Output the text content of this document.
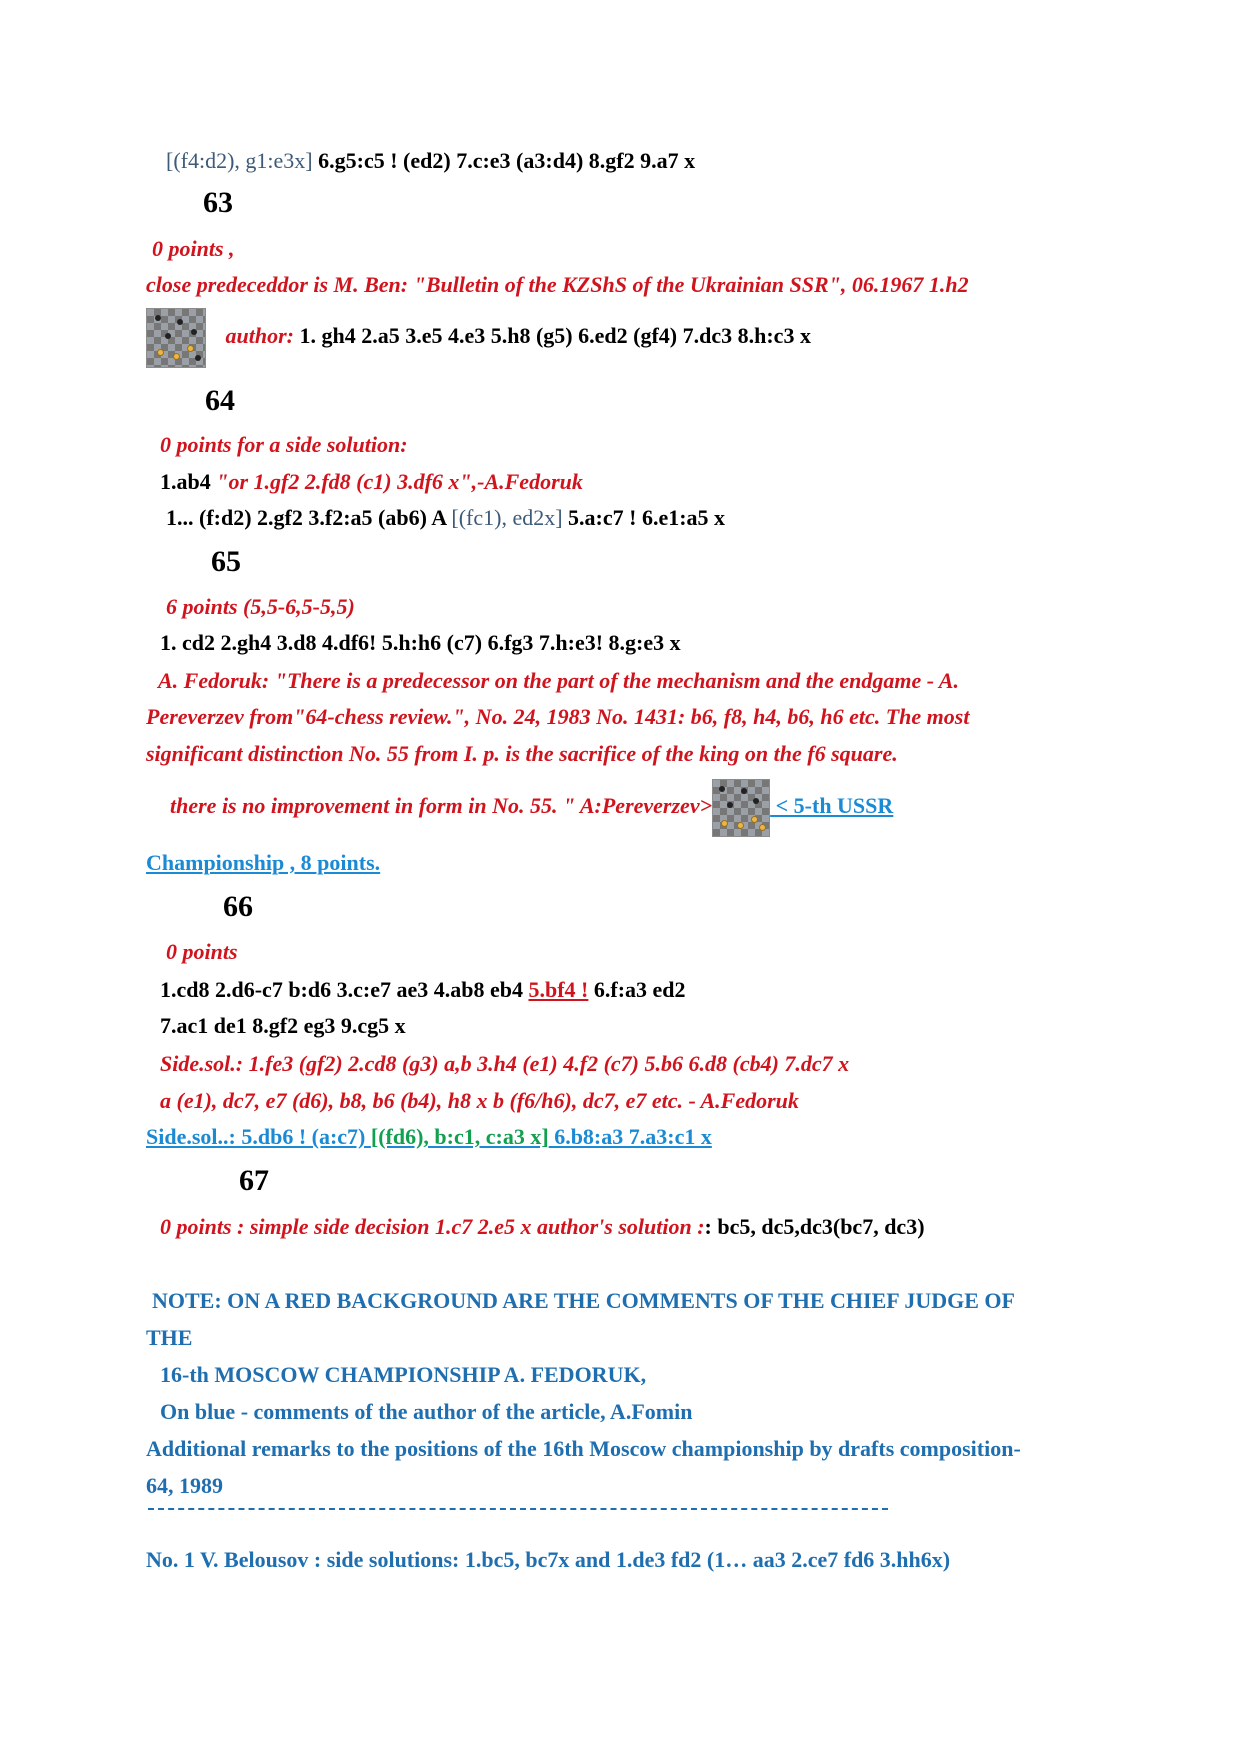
[(f4:d2), g1:e3x] 6.g5:c5 ! (ed2) 7.c:e3 (a3:d4) 8.gf2 9.a7 x
63
0 points ,
close predeceddor is M. Ben: "Bulletin of the KZShS of the Ukrainian SSR", 06.1967 1.h2
author: 1. gh4 2.a5 3.e5 4.e3 5.h8 (g5) 6.ed2 (gf4) 7.dc3 8.h:c3 x
64
0 points for a side solution:
1.ab4 "or 1.gf2 2.fd8 (c1) 3.df6 x",-A.Fedoruk
1... (f:d2) 2.gf2 3.f2:a5 (ab6) A [(fc1), ed2x] 5.a:c7 ! 6.e1:a5 x
65
6 points (5,5-6,5-5,5)
1. cd2 2.gh4 3.d8 4.df6! 5.h:h6 (c7) 6.fg3 7.h:e3! 8.g:e3 x
A. Fedoruk: "There is a predecessor on the part of the mechanism and the endgame - A.
Pereverzev from"64-chess review.", No. 24, 1983 No. 1431: b6, f8, h4, b6, h6 etc. The most
significant distinction No. 55 from I. p. is the sacrifice of the king on the f6 square.
there is no improvement in form in No. 55. " A:Pereverzev>	< 5-th USSR
Championship , 8 points.
66
0 points
1.cd8 2.d6-c7 b:d6 3.c:e7 ae3 4.ab8 eb4 5.bf4 ! 6.f:a3 ed2
7.ac1 de1 8.gf2 eg3 9.cg5 x
Side.sol.: 1.fe3 (gf2) 2.cd8 (g3) a,b 3.h4 (e1) 4.f2 (c7) 5.b6 6.d8 (cb4) 7.dc7 x
a (e1), dc7, e7 (d6), b8, b6 (b4), h8 x b (f6/h6), dc7, e7 etc. - A.Fedoruk
Side.sol..: 5.db6 ! (a:c7) [(fd6), b:c1, c:a3 x] 6.b8:a3 7.a3:c1 x
67
0 points : simple side decision 1.c7 2.e5 x author's solution :: bc5, dc5,dc3(bc7, dc3)
NOTE: ON A RED BACKGROUND ARE THE COMMENTS OF THE CHIEF JUDGE OF
THE
16-th MOSCOW CHAMPIONSHIP A. FEDORUK,
On blue - comments of the author of the article, A.Fomin
Additional remarks to the positions of the 16th Moscow championship by drafts composition-
64, 1989
No. 1 V. Belousov : side solutions: 1.bc5, bc7x and 1.de3 fd2 (1… aa3 2.ce7 fd6 3.hh6x)
